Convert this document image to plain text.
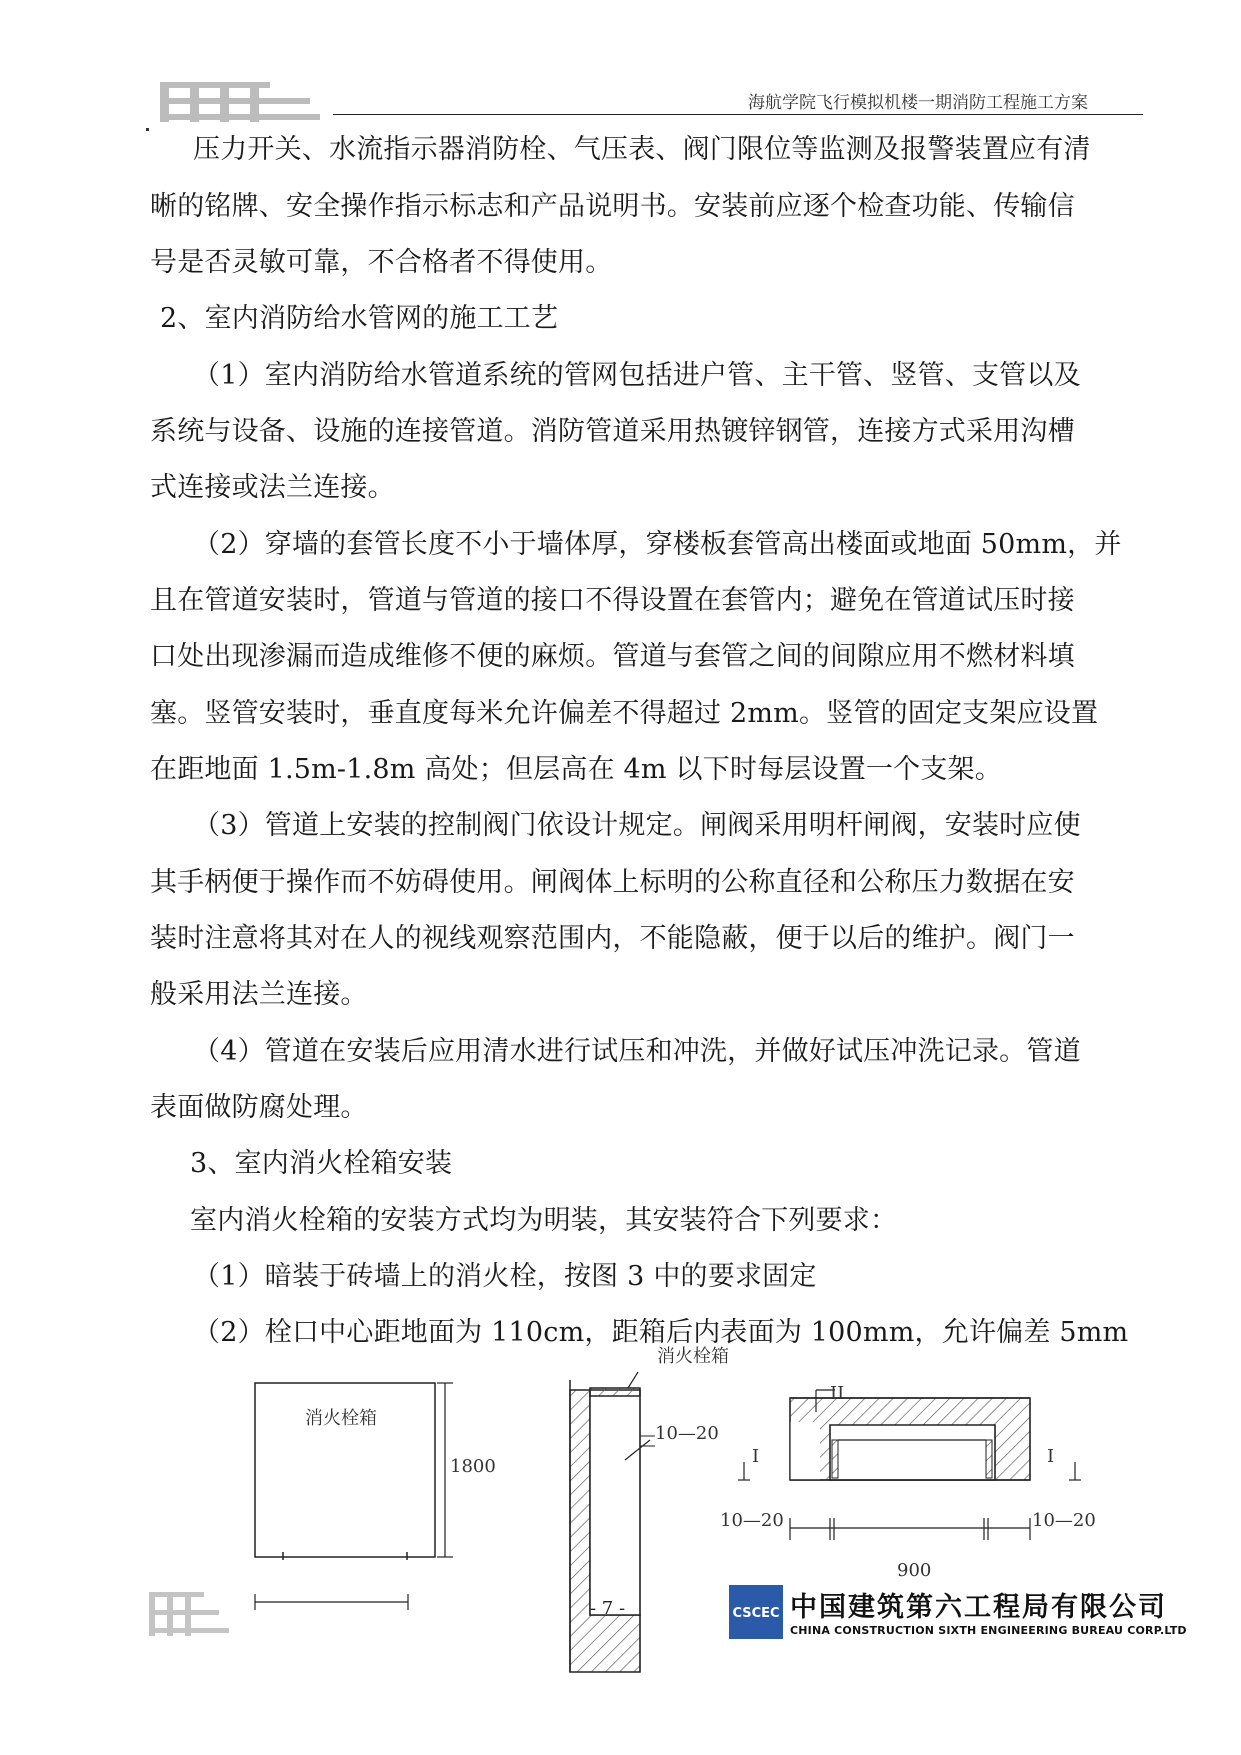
海航学院飞行模拟机楼一期消防工程施工方案
压力开关、水流指示器消防栓、气压表、阀门限位等监测及报警装置应有清
晰的铭牌、安全操作指示标志和产品说明书。安装前应逐个检查功能、传输信
号是否灵敏可靠，不合格者不得使用。
2、室内消防给水管网的施工工艺
（1）室内消防给水管道系统的管网包括进户管、主干管、竖管、支管以及
系统与设备、设施的连接管道。消防管道采用热镀锌钢管，连接方式采用沟槽
式连接或法兰连接。
（2）穿墙的套管长度不小于墙体厚，穿楼板套管高出楼面或地面 50mm，并
且在管道安装时，管道与管道的接口不得设置在套管内；避免在管道试压时接
口处出现渗漏而造成维修不便的麻烦。管道与套管之间的间隙应用不燃材料填
塞。竖管安装时，垂直度每米允许偏差不得超过 2mm。竖管的固定支架应设置
在距地面 1.5m-1.8m 高处；但层高在 4m 以下时每层设置一个支架。
（3）管道上安装的控制阀门依设计规定。闸阀采用明杆闸阀，安装时应使
其手柄便于操作而不妨碍使用。闸阀体上标明的公称直径和公称压力数据在安
装时注意将其对在人的视线观察范围内，不能隐蔽，便于以后的维护。阀门一
般采用法兰连接。
（4）管道在安装后应用清水进行试压和冲洗，并做好试压冲洗记录。管道
表面做防腐处理。
3、室内消火栓箱安装
室内消火栓箱的安装方式均为明装，其安装符合下列要求：
（1）暗装于砖墙上的消火栓，按图 3 中的要求固定
（2）栓口中心距地面为 110cm，距箱后内表面为 100mm，允许偏差 5mm
消火栓箱
1800
消火栓箱
10—20
II
I	I
10—20	10—20
900
- 7 -	CSCEC 中国建筑第六工程局有限公司
CHINA CONSTRUCTION SIXTH ENGINEERING BUREAU CORP.LTD
